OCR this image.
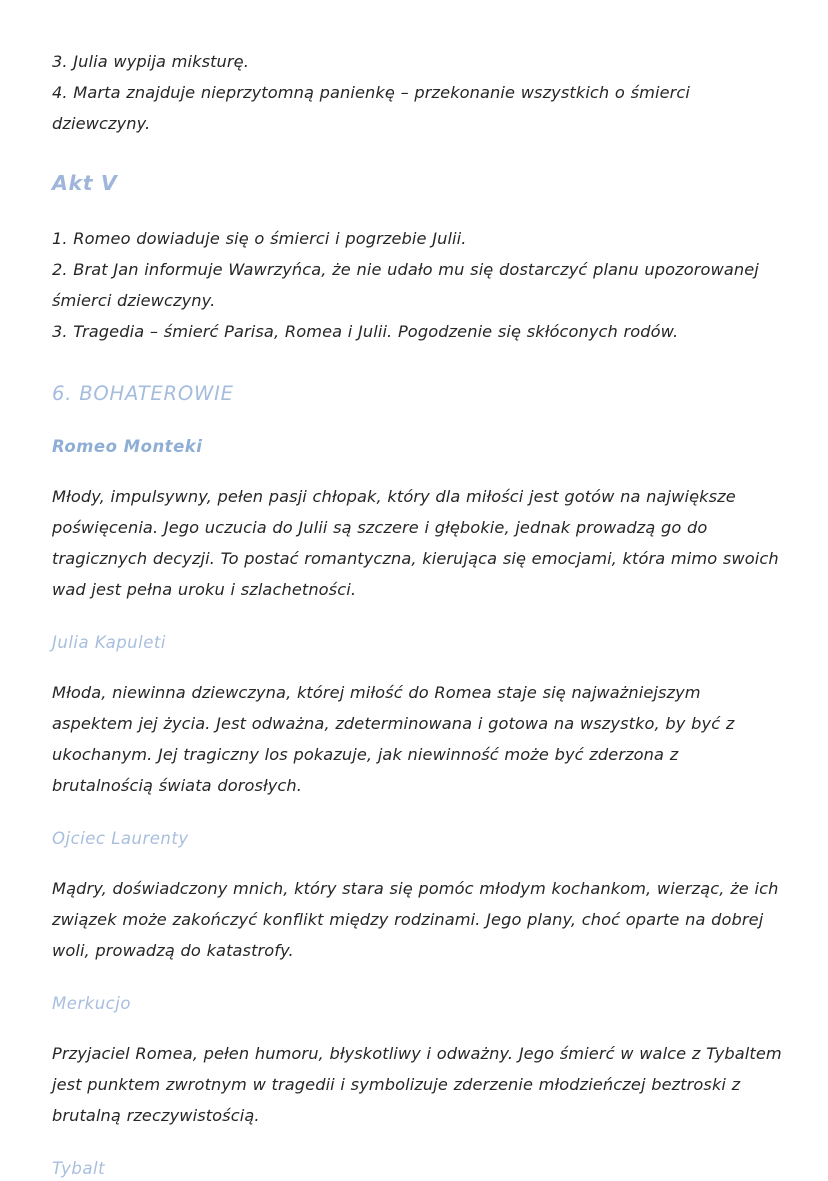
3. Julia wypija miksturę.
4. Marta znajduje nieprzytomną panienkę – przekonanie wszystkich o śmierci dziewczyny.
Akt V
1. Romeo dowiaduje się o śmierci i pogrzebie Julii.
2. Brat Jan informuje Wawrzyńca, że nie udało mu się dostarczyć planu upozorowanej
śmierci dziewczyny.
3. Tragedia – śmierć Parisa, Romea i Julii. Pogodzenie się skłóconych rodów.
6. BOHATEROWIE
Romeo Monteki

Młody, impulsywny, pełen pasji chłopak, który dla miłości jest gotów na największe poświęcenia. Jego uczucia do Julii są szczere i głębokie, jednak prowadzą go do tragicznych decyzji. To postać romantyczna, kierująca się emocjami, która mimo swoich wad jest pełna uroku i szlachetności.

Julia Kapuleti

Młoda, niewinna dziewczyna, której miłość do Romea staje się najważniejszym aspektem jej życia. Jest odważna, zdeterminowana i gotowa na wszystko, by być z ukochanym. Jej tragiczny los pokazuje, jak niewinność może być zderzona z brutalnością świata dorosłych.

Ojciec Laurenty

Mądry, doświadczony mnich, który stara się pomóc młodym kochankom, wierząc, że ich związek może zakończyć konflikt między rodzinami. Jego plany, choć oparte na dobrej woli, prowadzą do katastrofy.

Merkucjo

Przyjaciel Romea, pełen humoru, błyskotliwy i odważny. Jego śmierć w walce z Tybaltem jest punktem zwrotnym w tragedii i symbolizuje zderzenie młodzieńczej beztroski z brutalną rzeczywistością.

Tybalt
